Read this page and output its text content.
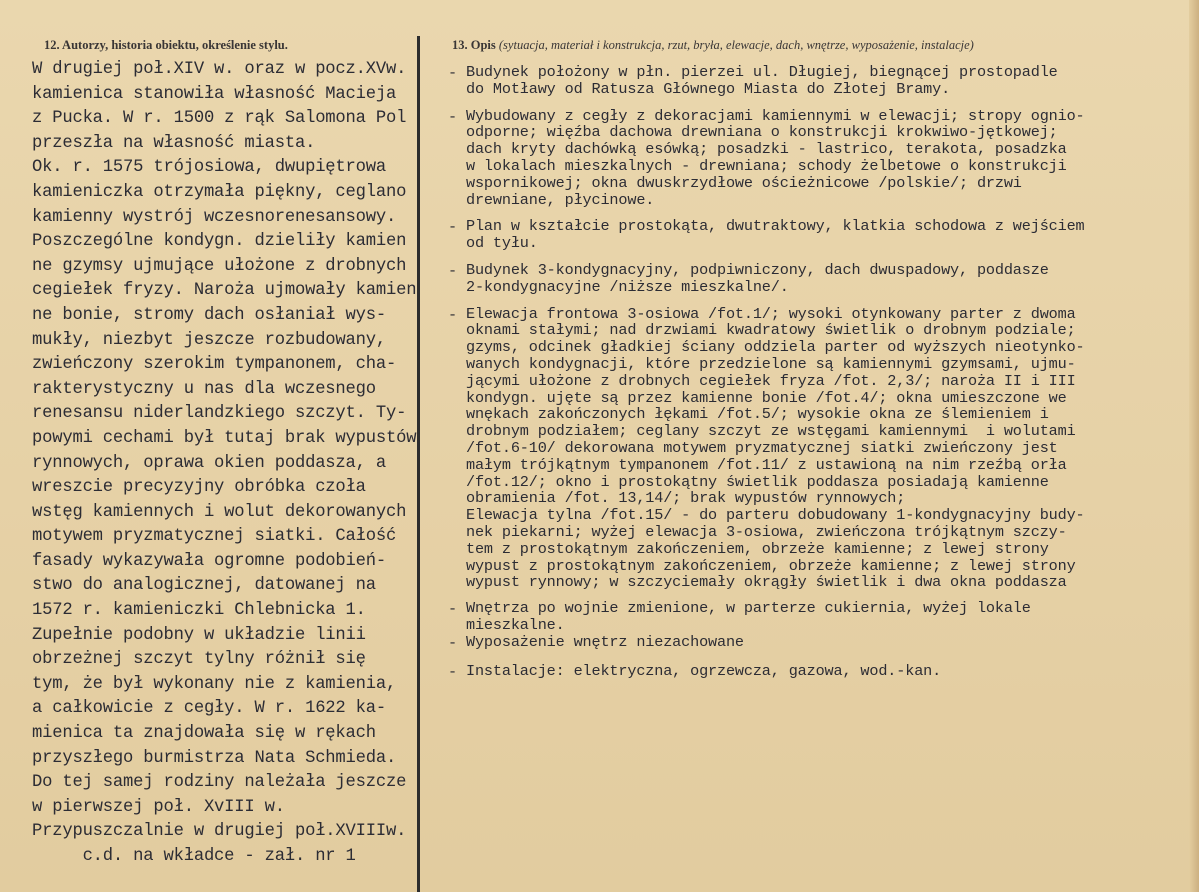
12. Autorzy, historia obiektu, określenie stylu.	13. Opis (sytuacja, materiał i konstrukcja, rzut, bryła, elewacje, dach, wnętrze, wyposażenie, instalacje)
W drugiej poł.XIV w. oraz w pocz.XVw.
kamienica stanowiła własność Macieja
z Pucka. W r. 1500 z rąk Salomona Pol
przeszła na własność miasta.
Ok. r. 1575 trójosiowa, dwupiętrowa
kamieniczka otrzymała piękny, ceglano
kamienny wystrój wczesnorenesansowy.
Poszczególne kondygn. dzieliły kamien
ne gzymsy ujmujące ułożone z drobnych
cegiełek fryzy. Naroża ujmowały kamien
ne bonie, stromy dach osłaniał wys-
mukły, niezbyt jeszcze rozbudowany,
zwieńczony szerokim tympanonem, cha-
rakterystyczny u nas dla wczesnego
renesansu niderlandzkiego szczyt. Ty-
powymi cechami był tutaj brak wypustów
rynnowych, oprawa okien poddasza, a
wreszcie precyzyjny obróbka czoła
wstęg kamiennych i wolut dekorowanych
motywem pryzmatycznej siatki. Całość
fasady wykazywała ogromne podobień-
stwo do analogicznej, datowanej na
1572 r. kamieniczki Chlebnicka 1.
Zupełnie podobny w układzie linii
obrzeżnej szczyt tylny różnił się
tym, że był wykonany nie z kamienia,
a całkowicie z cegły. W r. 1622 ka-
mienica ta znajdowała się w rękach
przyszłego burmistrza Nata Schmieda.
Do tej samej rodziny należała jeszcze
w pierwszej poł. XvIII w.
Przypuszczalnie w drugiej poł.XVIIIw.
c.d. na wkładce - zał. nr 1
- Budynek położony w płn. pierzei ul. Długiej, biegnącej prostopadle
do Motławy od Ratusza Głównego Miasta do Złotej Bramy.
- Wybudowany z cegły z dekoracjami kamiennymi w elewacji; stropy ognio-
odporne; więźba dachowa drewniana o konstrukcji krokwiwo-jętkowej;
dach kryty dachówką esówką; posadzki - lastrico, terakota, posadzka
w lokalach mieszkalnych - drewniana; schody żelbetowe o konstrukcji
wspornikowej; okna dwuskrzydłowe ościeżnicowe /polskie/; drzwi
drewniane, płycinowe.
- Plan w kształcie prostokąta, dwutraktowy, klatkia schodowa z wejściem
od tyłu.
- Budynek 3-kondygnacyjny, podpiwniczony, dach dwuspadowy, poddasze
2-kondygnacyjne /niższe mieszkalne/.
- Elewacja frontowa 3-osiowa /fot.1/; wysoki otynkowany parter z dwoma
oknami stałymi; nad drzwiami kwadratowy świetlik o drobnym podziale;
gzyms, odcinek gładkiej ściany oddziela parter od wyższych nieotynko-
wanych kondygnacji, które przedzielone są kamiennymi gzymsami, ujmu-
jącymi ułożone z drobnych cegiełek fryza /fot. 2,3/; naroża II i III
kondygn. ujęte są przez kamienne bonie /fot.4/; okna umieszczone we
wnękach zakończonych łękami /fot.5/; wysokie okna ze ślemieniem i
drobnym podziałem; ceglany szczyt ze wstęgami kamiennymi  i wolutami
/fot.6-10/ dekorowana motywem pryzmatycznej siatki zwieńczony jest
małym trójkątnym tympanonem /fot.11/ z ustawioną na nim rzeźbą orła
/fot.12/; okno i prostokątny świetlik poddasza posiadają kamienne
obramienia /fot. 13,14/; brak wypustów rynnowych;
Elewacja tylna /fot.15/ - do parteru dobudowany 1-kondygnacyjny budy-
nek piekarni; wyżej elewacja 3-osiowa, zwieńczona trójkątnym szczy-
tem z prostokątnym zakończeniem, obrzeże kamienne; z lewej strony
wypust z prostokątnym zakończeniem, obrzeże kamienne; z lewej strony
wypust rynnowy; w szczyciemały okrągły świetlik i dwa okna poddasza
- Wnętrza po wojnie zmienione, w parterze cukiernia, wyżej lokale
mieszkalne.
- Wyposażenie wnętrz niezachowane
- Instalacje: elektryczna, ogrzewcza, gazowa, wod.-kan.
